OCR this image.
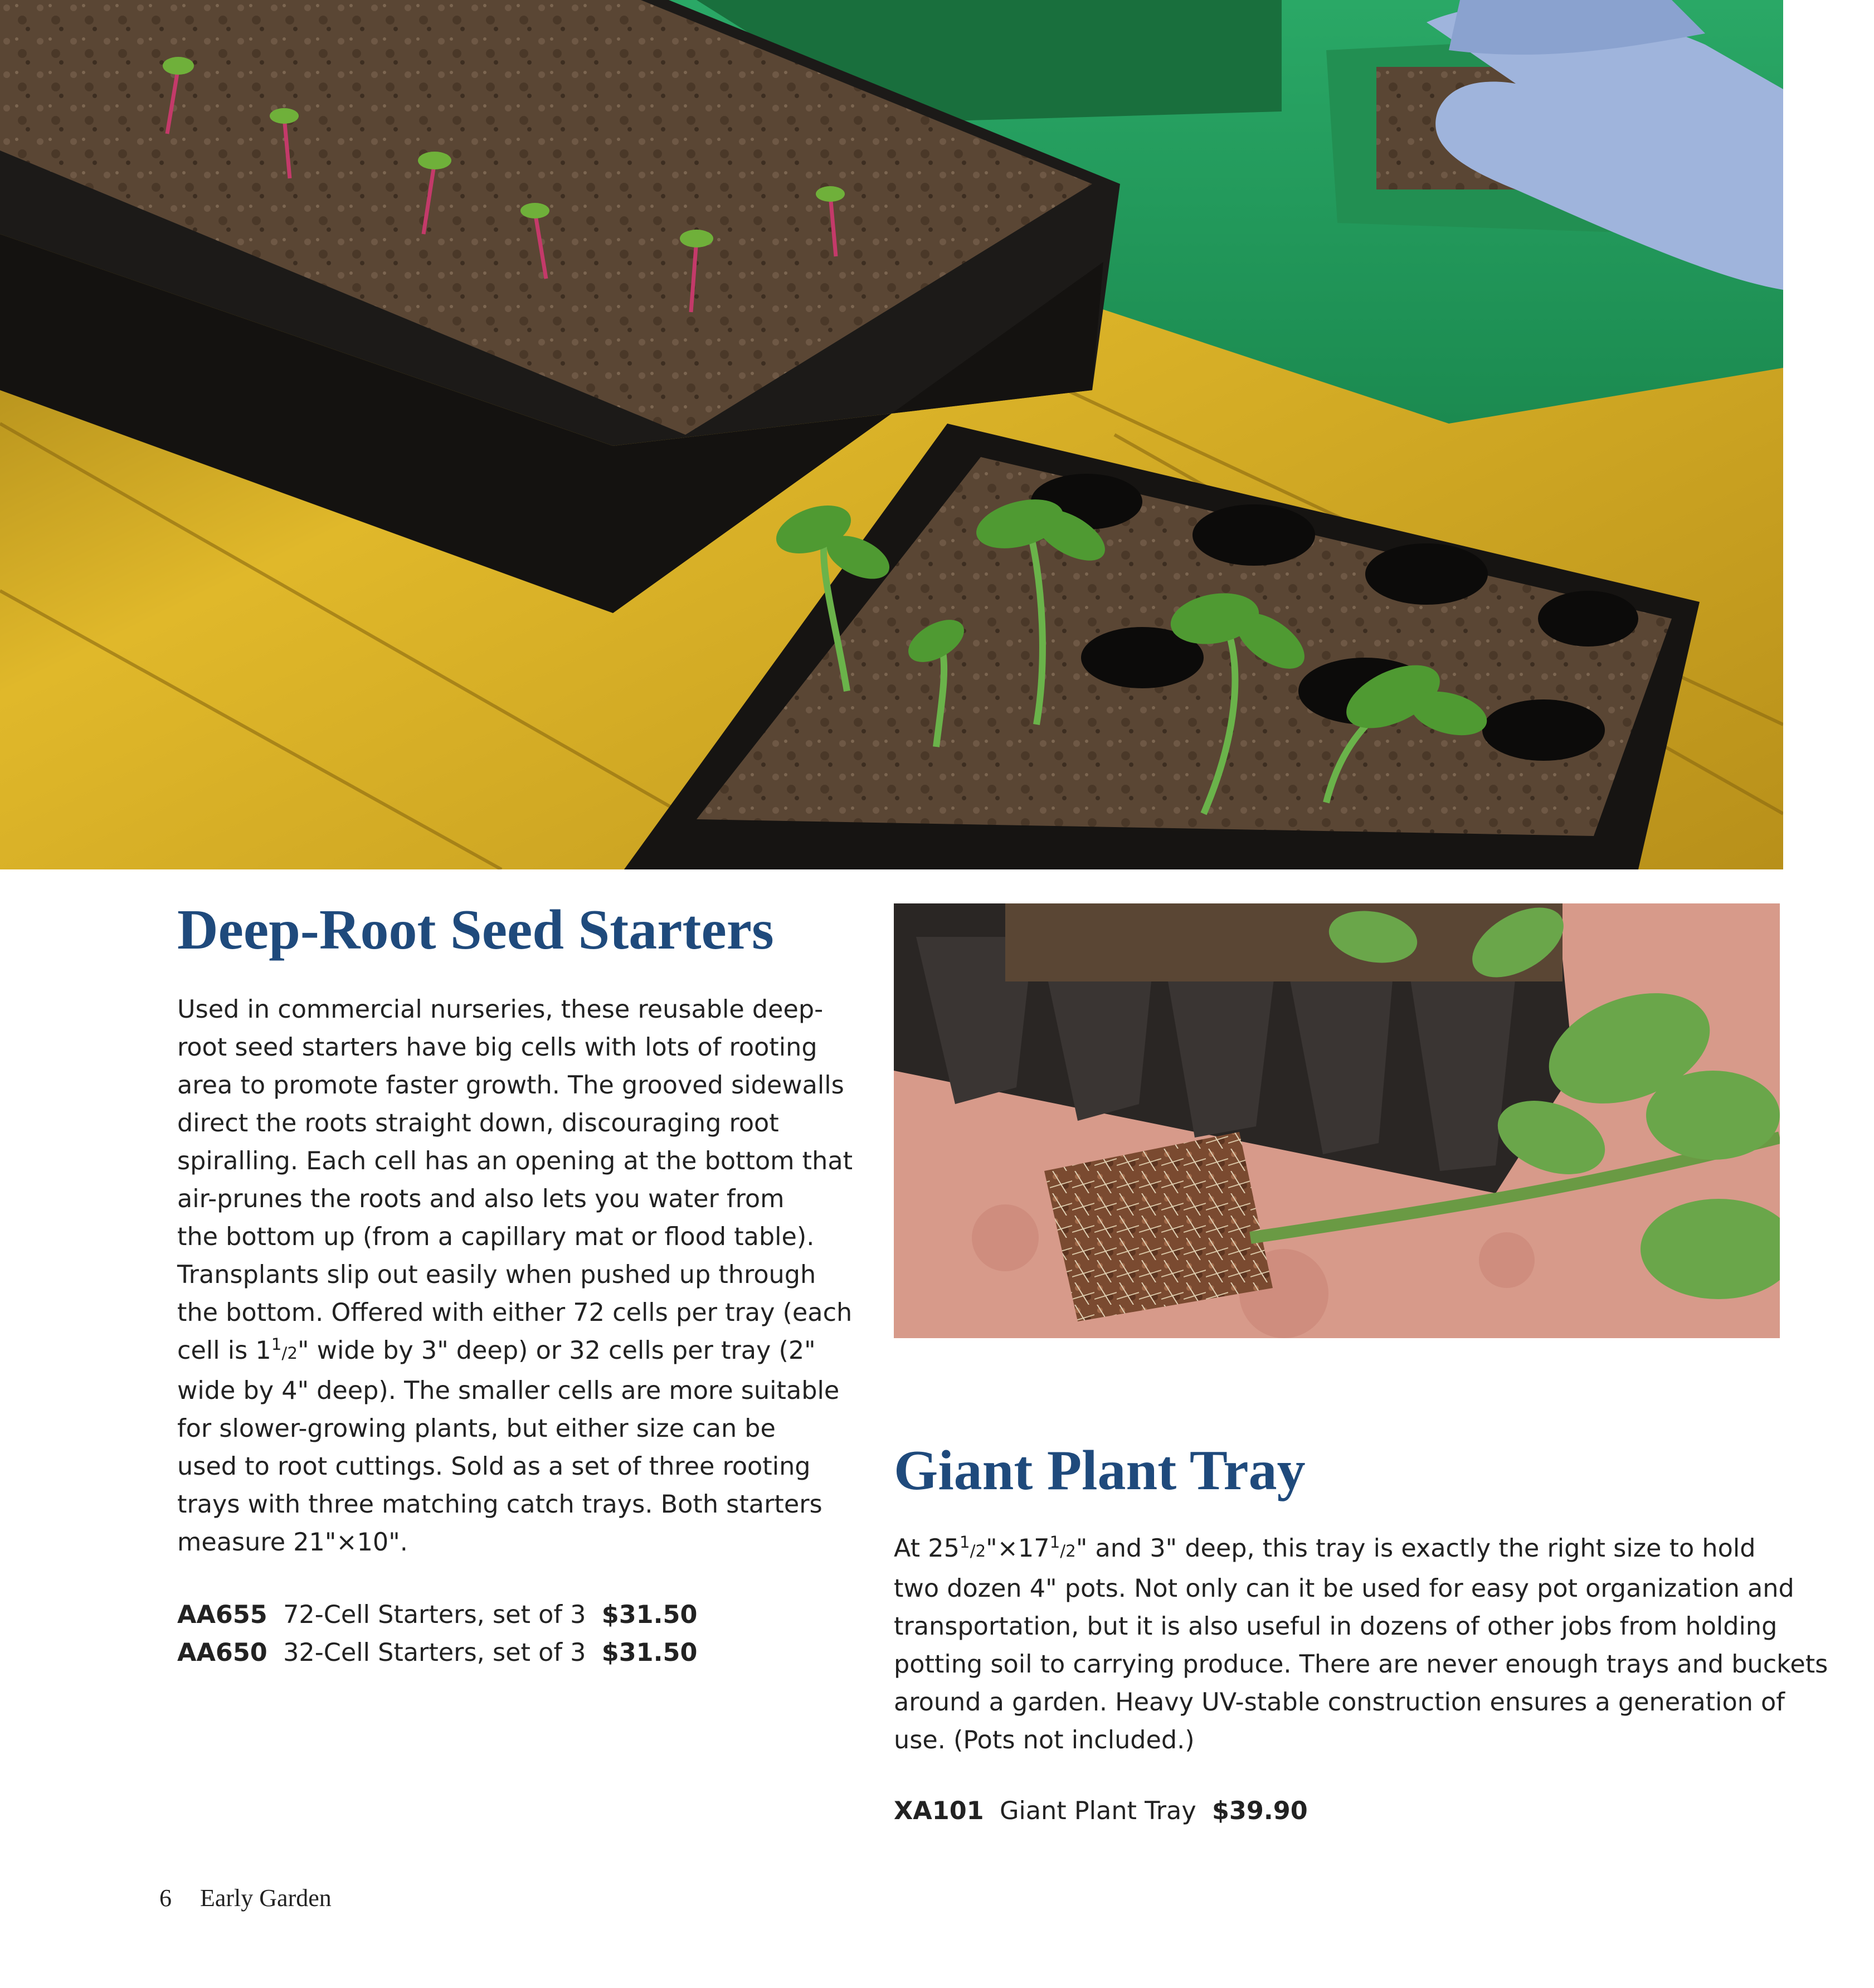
Deep-Root Seed Starters
Used in commercial nurseries, these reusable deep-
root seed starters have big cells with lots of rooting
area to promote faster growth. The grooved sidewalls
direct the roots straight down, discouraging root
spiralling. Each cell has an opening at the bottom that
air-prunes the roots and also lets you water from
the bottom up (from a capillary mat or flood table).
Transplants slip out easily when pushed up through
the bottom. Offered with either 72 cells per tray (each
cell is $1^1/2$" wide by 3" deep) or 32 cells per tray (2"
wide by 4" deep). The smaller cells are more suitable
for slower-growing plants, but either size can be
used to root cuttings. Sold as a set of three rooting
trays with three matching catch trays. Both starters
measure 21"×10".
AA655 72-Cell Starters, set of 3 $31.50
AA650 32-Cell Starters, set of 3 $31.50
Giant Plant Tray
At $25^1/2"\times 17^1/2$" and 3" deep, this tray is exactly the right size to hold
two dozen 4" pots. Not only can it be used for easy pot organization and
transportation, but it is also useful in dozens of other jobs from holding
potting soil to carrying produce. There are never enough trays and buckets
around a garden. Heavy UV-stable construction ensures a generation of
use. (Pots not included.)
XA101 Giant Plant Tray $39.90
6 Early Garden
